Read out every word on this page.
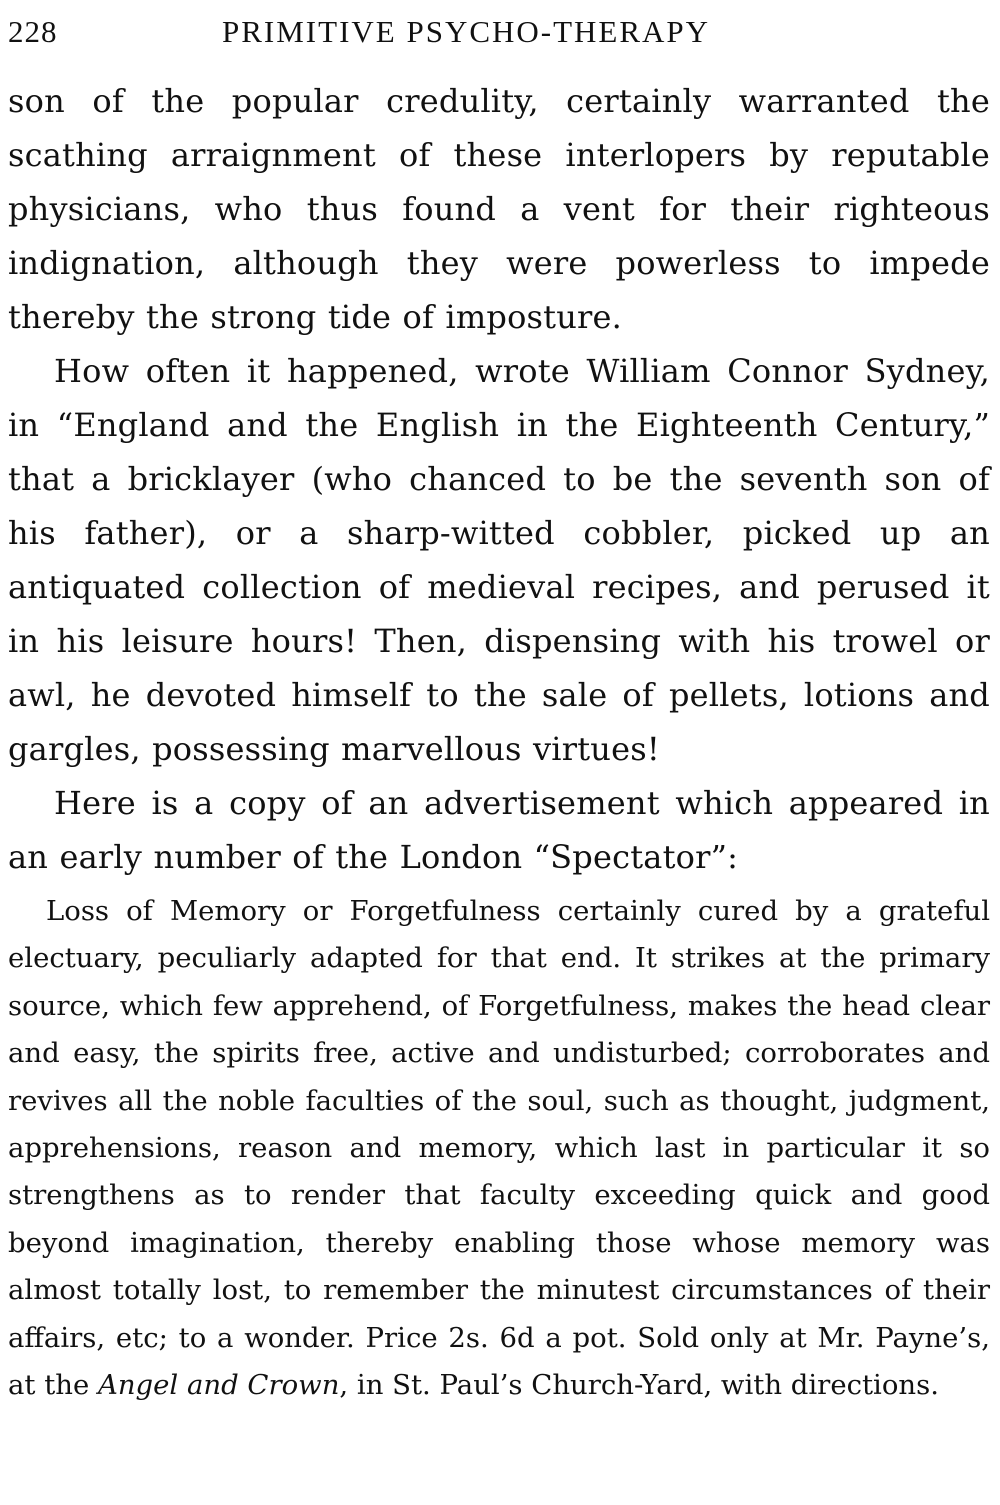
228	PRIMITIVE PSYCHO-THERAPY

son of the popular credulity, certainly warranted the scathing arraignment of these interlopers by reputable physicians, who thus found a vent for their righteous indignation, although they were powerless to impede thereby the strong tide of imposture.

How often it happened, wrote William Connor Sydney, in “England and the English in the Eighteenth Century,” that a bricklayer (who chanced to be the seventh son of his father), or a sharp-witted cobbler, picked up an antiquated collection of medieval recipes, and perused it in his leisure hours! Then, dispensing with his trowel or awl, he devoted himself to the sale of pellets, lotions and gargles, possessing marvellous virtues!

Here is a copy of an advertisement which appeared in an early number of the London “Spectator”:

Loss of Memory or Forgetfulness certainly cured by a grateful electuary, peculiarly adapted for that end. It strikes at the primary source, which few apprehend, of Forgetfulness, makes the head clear and easy, the spirits free, active and undisturbed; corroborates and revives all the noble faculties of the soul, such as thought, judgment, apprehensions, reason and memory, which last in particular it so strengthens as to render that faculty exceeding quick and good beyond imagination, thereby enabling those whose memory was almost totally lost, to remember the minutest circumstances of their affairs, etc; to a wonder. Price 2s. 6d a pot. Sold only at Mr. Payne’s, at the Angel and Crown, in St. Paul’s Church-Yard, with directions.
